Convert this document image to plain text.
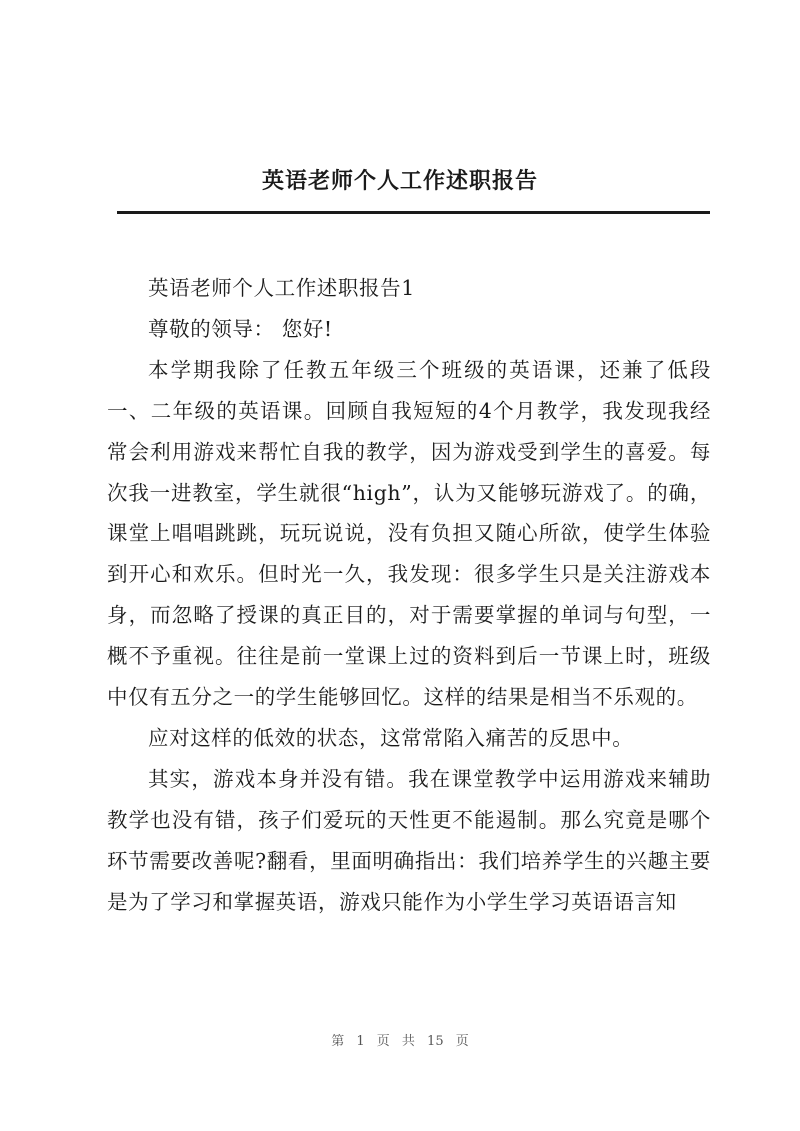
英语老师个人工作述职报告

英语老师个人工作述职报告1

尊敬的领导： 您好!

本学期我除了任教五年级三个班级的英语课，还兼了低段一、二年级的英语课。回顾自我短短的4个月教学，我发现我经常会利用游戏来帮忙自我的教学，因为游戏受到学生的喜爱。每次我一进教室，学生就很“high”，认为又能够玩游戏了。的确，课堂上唱唱跳跳，玩玩说说，没有负担又随心所欲，使学生体验到开心和欢乐。但时光一久，我发现：很多学生只是关注游戏本身，而忽略了授课的真正目的，对于需要掌握的单词与句型，一概不予重视。往往是前一堂课上过的资料到后一节课上时，班级中仅有五分之一的学生能够回忆。这样的结果是相当不乐观的。

应对这样的低效的状态，这常常陷入痛苦的反思中。

其实，游戏本身并没有错。我在课堂教学中运用游戏来辅助教学也没有错，孩子们爱玩的天性更不能遏制。那么究竟是哪个环节需要改善呢?翻看，里面明确指出：我们培养学生的兴趣主要是为了学习和掌握英语，游戏只能作为小学生学习英语语言知

第 1 页 共 15 页
